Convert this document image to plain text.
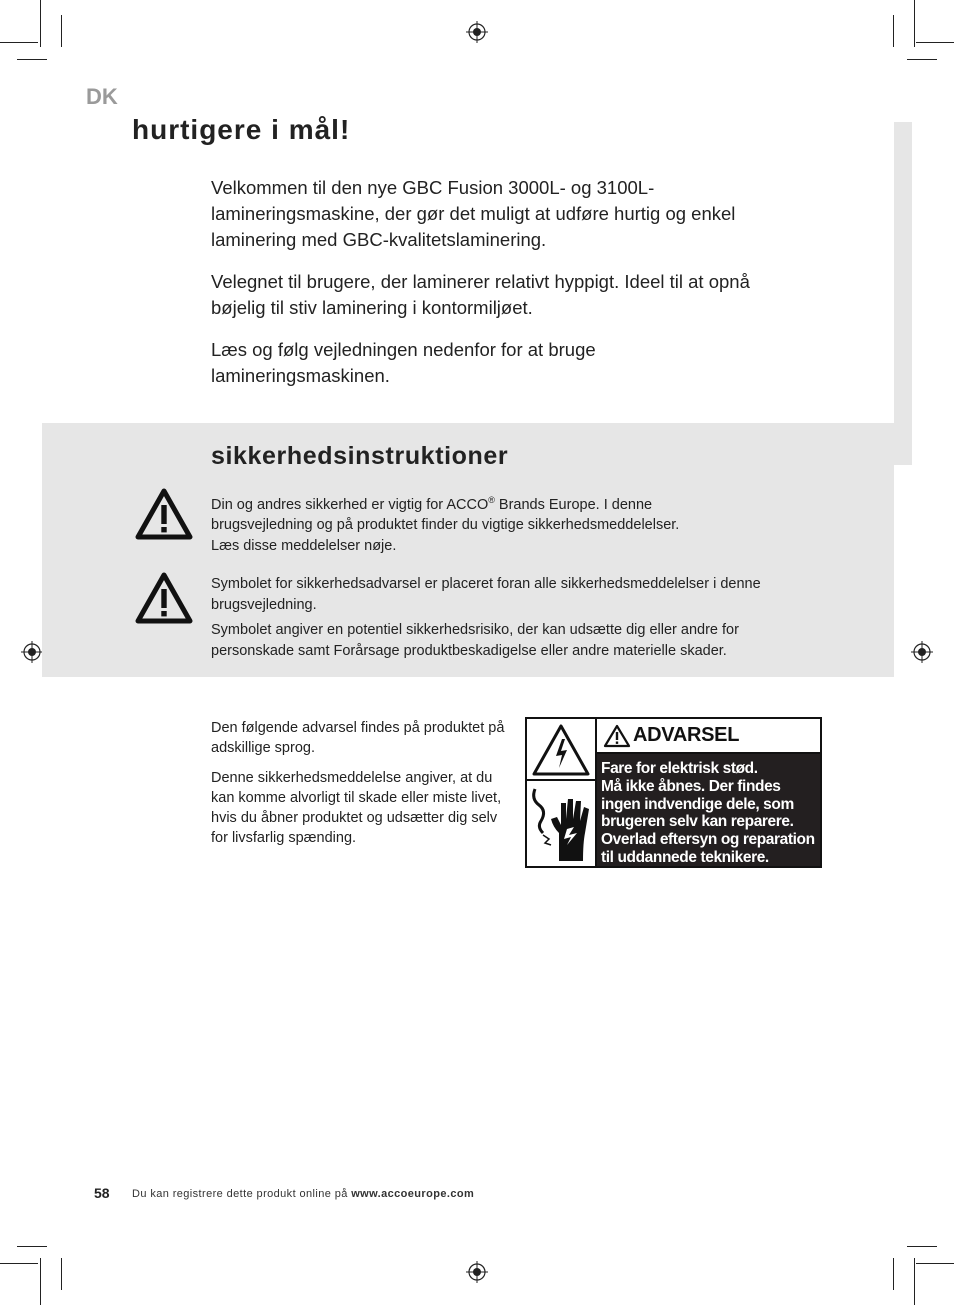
DK
hurtigere i mål!

Velkommen til den nye GBC Fusion 3000L- og 3100L-lamineringsmaskine, der gør det muligt at udføre hurtig og enkel laminering med GBC-kvalitetslaminering.

Velegnet til brugere, der laminerer relativt hyppigt. Ideel til at opnå bøjelig til stiv laminering i kontormiljøet.

Læs og følg vejledningen nedenfor for at bruge lamineringsmaskinen.

sikkerhedsinstruktioner
Din og andres sikkerhed er vigtig for ACCO® Brands Europe. I denne
brugsvejledning og på produktet finder du vigtige sikkerhedsmeddelelser.
Læs disse meddelelser nøje.

Symbolet for sikkerhedsadvarsel er placeret foran alle sikkerhedsmeddelelser i denne brugsvejledning.

Symbolet angiver en potentiel sikkerhedsrisiko, der kan udsætte dig eller andre for personskade samt Forårsage produktbeskadigelse eller andre materielle skader.

Den følgende advarsel findes på produktet på adskillige sprog.

Denne sikkerhedsmeddelelse angiver, at du kan komme alvorligt til skade eller miste livet, hvis du åbner produktet og udsætter dig selv for livsfarlig spænding.

ADVARSEL
Fare for elektrisk stød.
Må ikke åbnes. Der findes
ingen indvendige dele, som
brugeren selv kan reparere.
Overlad eftersyn og reparation
til uddannede teknikere.
58 Du kan registrere dette produkt online på www.accoeurope.com
